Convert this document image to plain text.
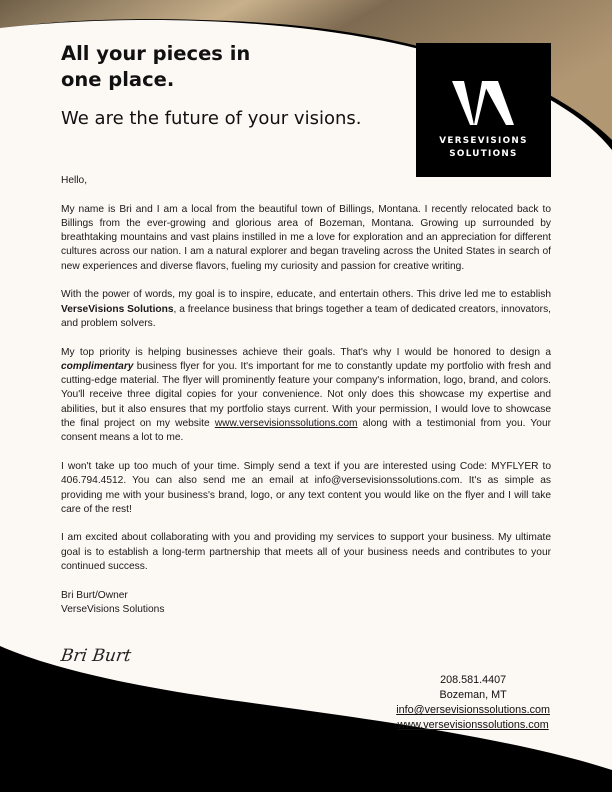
All your pieces in
one place.
We are the future of your visions.
VERSEVISIONS
SOLUTIONS

Hello,

My name is Bri and I am a local from the beautiful town of Billings, Montana. I recently relocated back to Billings from the ever-growing and glorious area of Bozeman, Montana. Growing up surrounded by breathtaking mountains and vast plains instilled in me a love for exploration and an appreciation for different cultures across our nation. I am a natural explorer and began traveling across the United States in search of new experiences and diverse flavors, fueling my curiosity and passion for creative writing.

With the power of words, my goal is to inspire, educate, and entertain others. This drive led me to establish VerseVisions Solutions, a freelance business that brings together a team of dedicated creators, innovators, and problem solvers.

My top priority is helping businesses achieve their goals. That's why I would be honored to design a complimentary business flyer for you. It's important for me to constantly update my portfolio with fresh and cutting-edge material. The flyer will prominently feature your company's information, logo, brand, and colors. You'll receive three digital copies for your convenience. Not only does this showcase my expertise and abilities, but it also ensures that my portfolio stays current. With your permission, I would love to showcase the final project on my website www.versevisionssolutions.com along with a testimonial from you. Your consent means a lot to me.

I won't take up too much of your time. Simply send a text if you are interested using Code: MYFLYER to 406.794.4512. You can also send me an email at info@versevisionssolutions.com. It's as simple as providing me with your business's brand, logo, or any text content you would like on the flyer and I will take care of the rest!

I am excited about collaborating with you and providing my services to support your business. My ultimate goal is to establish a long-term partnership that meets all of your business needs and contributes to your continued success.

Bri Burt/Owner
VerseVisions Solutions
Bri Burt
208.581.4407
Bozeman, MT
info@versevisionssolutions.com
www.versevisionssolutions.com
